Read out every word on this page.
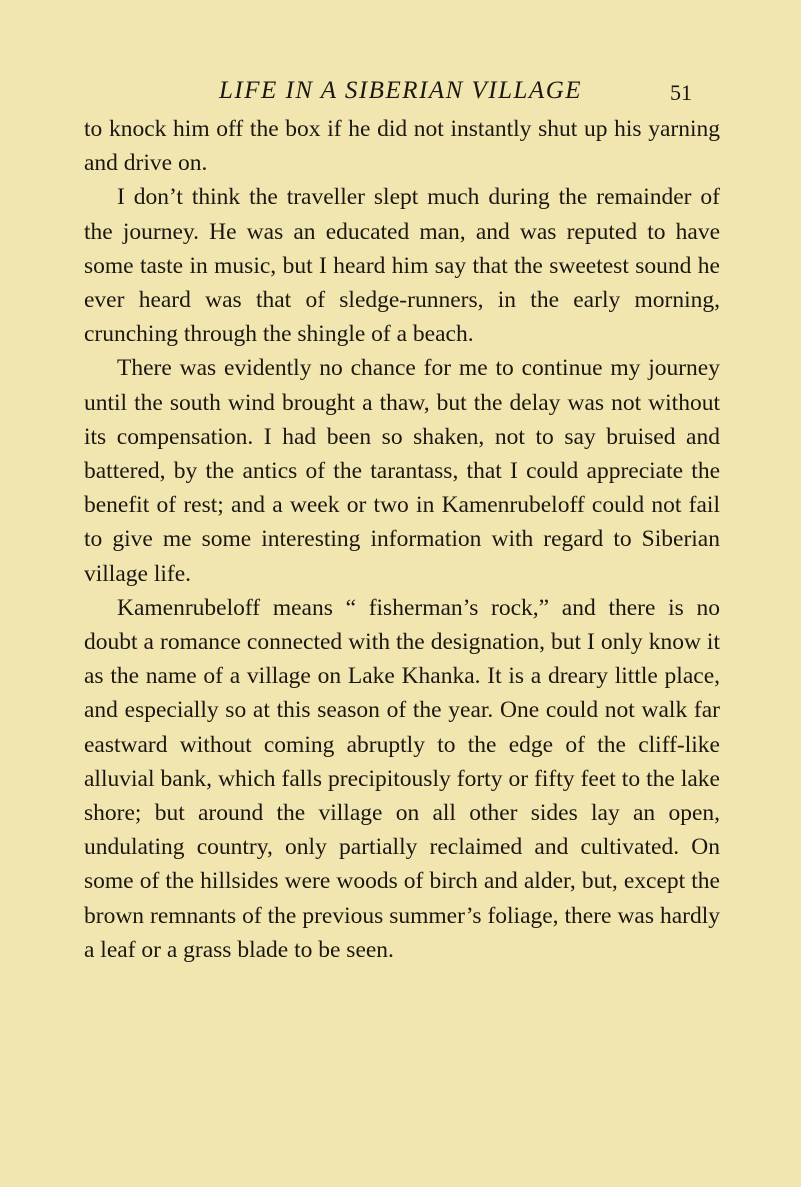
LIFE IN A SIBERIAN VILLAGE	51

to knock him off the box if he did not instantly shut up his yarning and drive on.

I don’t think the traveller slept much during the remainder of the journey. He was an educated man, and was reputed to have some taste in music, but I heard him say that the sweetest sound he ever heard was that of sledge-runners, in the early morning, crunching through the shingle of a beach.

There was evidently no chance for me to continue my journey until the south wind brought a thaw, but the delay was not without its compensation. I had been so shaken, not to say bruised and battered, by the antics of the tarantass, that I could appreciate the benefit of rest; and a week or two in Kamenrubeloff could not fail to give me some interesting information with regard to Siberian village life.

Kamenrubeloff means “ fisherman’s rock,” and there is no doubt a romance connected with the designation, but I only know it as the name of a village on Lake Khanka. It is a dreary little place, and especially so at this season of the year. One could not walk far eastward without coming abruptly to the edge of the cliff-like alluvial bank, which falls precipitously forty or fifty feet to the lake shore; but around the village on all other sides lay an open, undulating country, only partially reclaimed and cultivated. On some of the hillsides were woods of birch and alder, but, except the brown remnants of the previous summer’s foliage, there was hardly a leaf or a grass blade to be seen.
